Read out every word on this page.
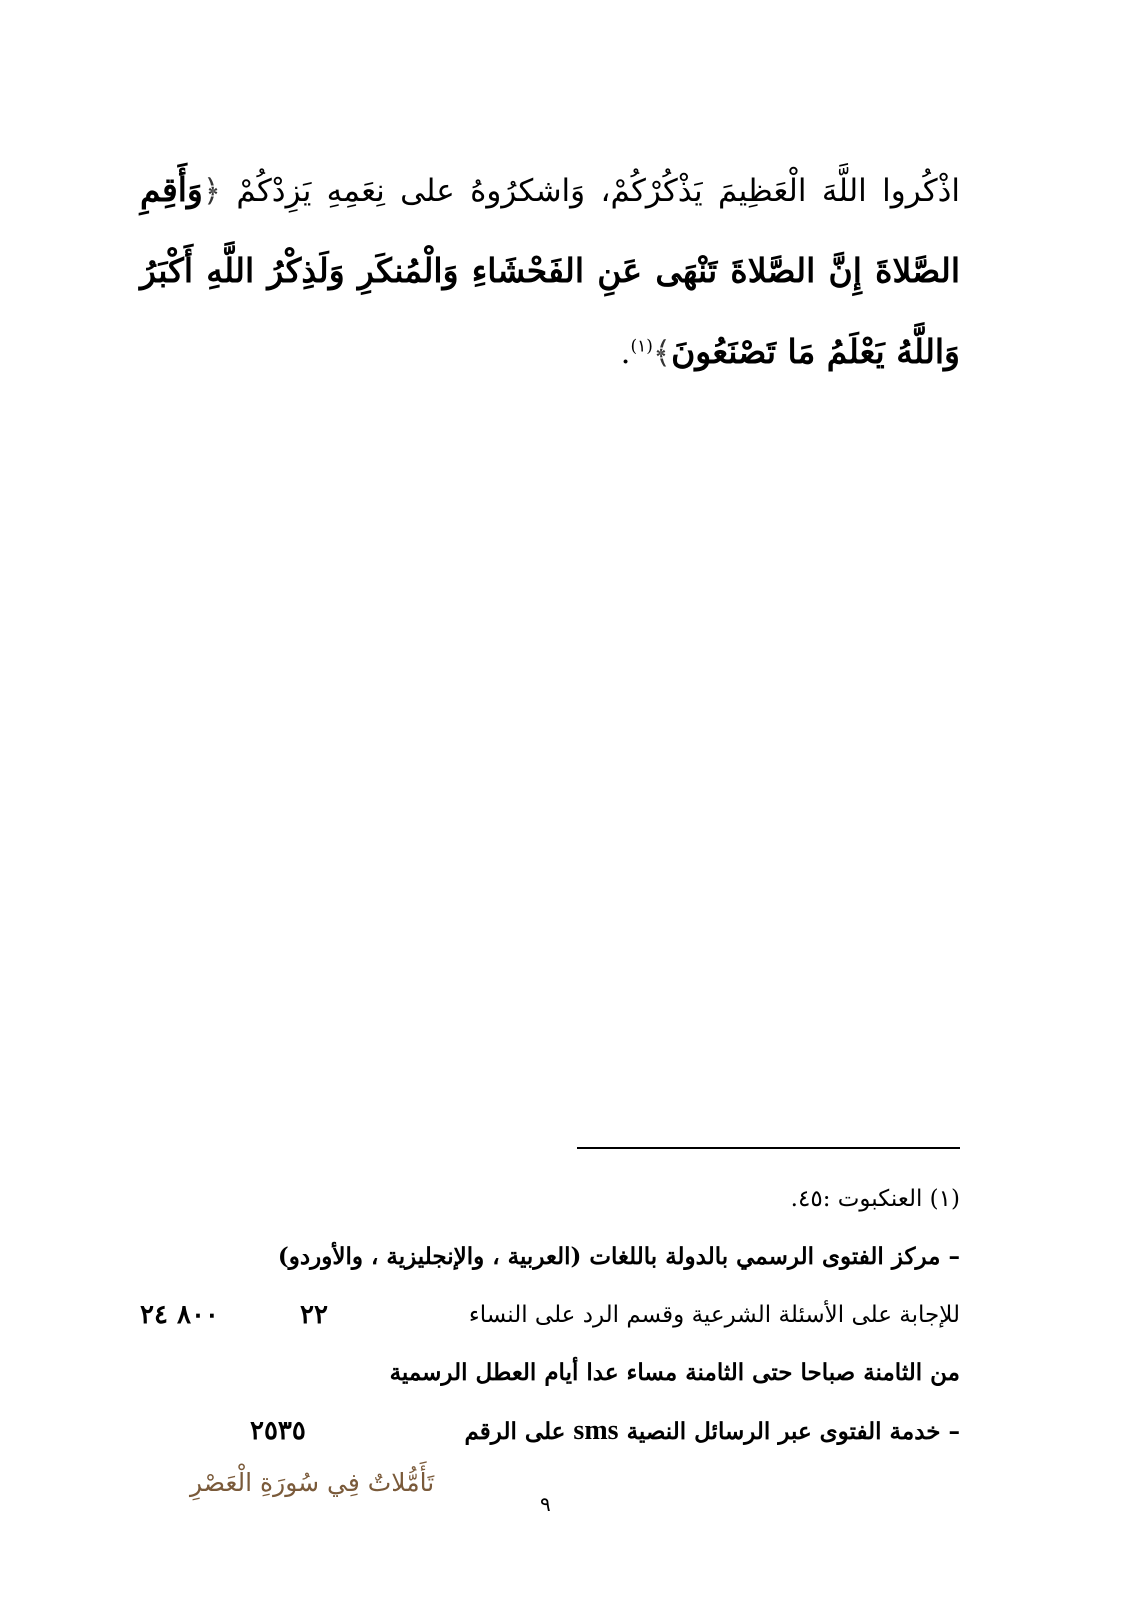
اذْكُروا اللَّهَ الْعَظِيمَ يَذْكُرْكُمْ، وَاشكرُوهُ على نِعَمِهِ يَزِدْكُمْ ﴿وَأَقِمِ الصَّلاةَ إِنَّ الصَّلاةَ تَنْهَى عَنِ الفَحْشَاءِ وَالْمُنكَرِ وَلَذِكْرُ اللَّهِ أَكْبَرُ وَاللَّهُ يَعْلَمُ مَا تَصْنَعُونَ﴾$^{(١)}$.

(١) العنكبوت :٤٥.
– مركز الفتوى الرسمي بالدولة باللغات (العربية ، والإنجليزية ، والأوردو)
للإجابة على الأسئلة الشرعية وقسم الرد على النساء
٨٠٠ ٢٤	٢٢
من الثامنة صباحا حتى الثامنة مساء عدا أيام العطل الرسمية
– خدمة الفتوى عبر الرسائل النصية sms على الرقم
٢٥٣٥
تَأَمُّلاتٌ فِي سُورَةِ الْعَصْرِ
٩
